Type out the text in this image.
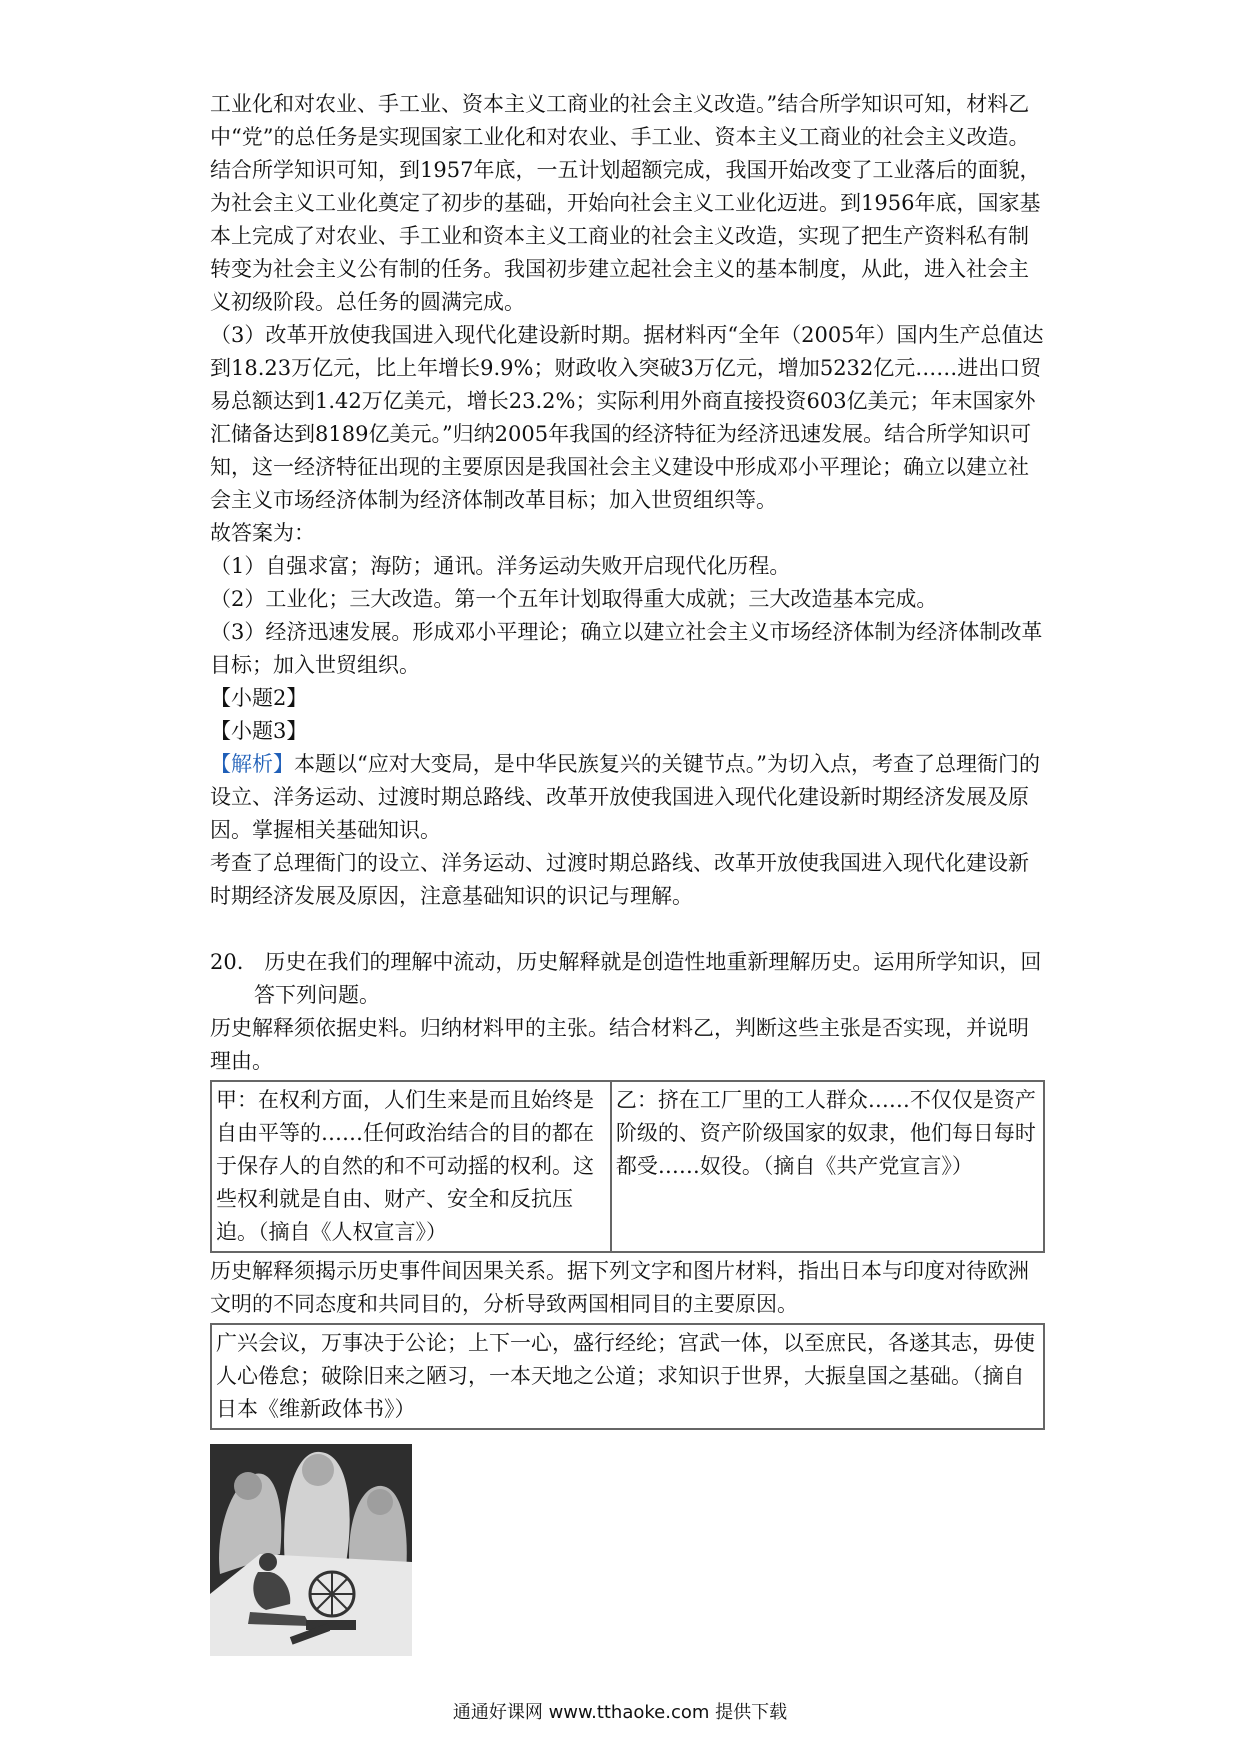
工业化和对农业、手工业、资本主义工商业的社会主义改造。”结合所学知识可知，材料乙中“党”的总任务是实现国家工业化和对农业、手工业、资本主义工商业的社会主义改造。结合所学知识可知，到1957年底，一五计划超额完成，我国开始改变了工业落后的面貌，为社会主义工业化奠定了初步的基础，开始向社会主义工业化迈进。到1956年底，国家基本上完成了对农业、手工业和资本主义工商业的社会主义改造，实现了把生产资料私有制转变为社会主义公有制的任务。我国初步建立起社会主义的基本制度，从此，进入社会主义初级阶段。总任务的圆满完成。

（3）改革开放使我国进入现代化建设新时期。据材料丙“全年（2005年）国内生产总值达到18.23万亿元，比上年增长9.9%；财政收入突破3万亿元，增加5232亿元……进出口贸易总额达到1.42万亿美元，增长23.2%；实际利用外商直接投资603亿美元；年末国家外汇储备达到8189亿美元。”归纳2005年我国的经济特征为经济迅速发展。结合所学知识可知，这一经济特征出现的主要原因是我国社会主义建设中形成邓小平理论；确立以建立社会主义市场经济体制为经济体制改革目标；加入世贸组织等。

故答案为：

（1）自强求富；海防；通讯。洋务运动失败开启现代化历程。

（2）工业化；三大改造。第一个五年计划取得重大成就；三大改造基本完成。

（3）经济迅速发展。形成邓小平理论；确立以建立社会主义市场经济体制为经济体制改革目标；加入世贸组织。

【小题2】

【小题3】

【解析】本题以“应对大变局，是中华民族复兴的关键节点。”为切入点，考查了总理衙门的设立、洋务运动、过渡时期总路线、改革开放使我国进入现代化建设新时期经济发展及原因。掌握相关基础知识。

考查了总理衙门的设立、洋务运动、过渡时期总路线、改革开放使我国进入现代化建设新时期经济发展及原因，注意基础知识的识记与理解。

20.　历史在我们的理解中流动，历史解释就是创造性地重新理解历史。运用所学知识，回答下列问题。

历史解释须依据史料。归纳材料甲的主张。结合材料乙，判断这些主张是否实现，并说明理由。

甲：在权利方面，人们生来是而且始终是自由平等的……任何政治结合的目的都在于保存人的自然的和不可动摇的权利。这些权利就是自由、财产、安全和反抗压迫。（摘自《人权宣言》）	乙：挤在工厂里的工人群众……不仅仅是资产阶级的、资产阶级国家的奴隶，他们每日每时都受……奴役。（摘自《共产党宣言》）

历史解释须揭示历史事件间因果关系。据下列文字和图片材料，指出日本与印度对待欧洲文明的不同态度和共同目的，分析导致两国相同目的主要原因。

广兴会议，万事决于公论；上下一心，盛行经纶；宫武一体，以至庶民，各遂其志，毋使人心倦怠；破除旧来之陋习，一本天地之公道；求知识于世界，大振皇国之基础。（摘自日本《维新政体书》）
通通好课网 www.tthaoke.com 提供下载
